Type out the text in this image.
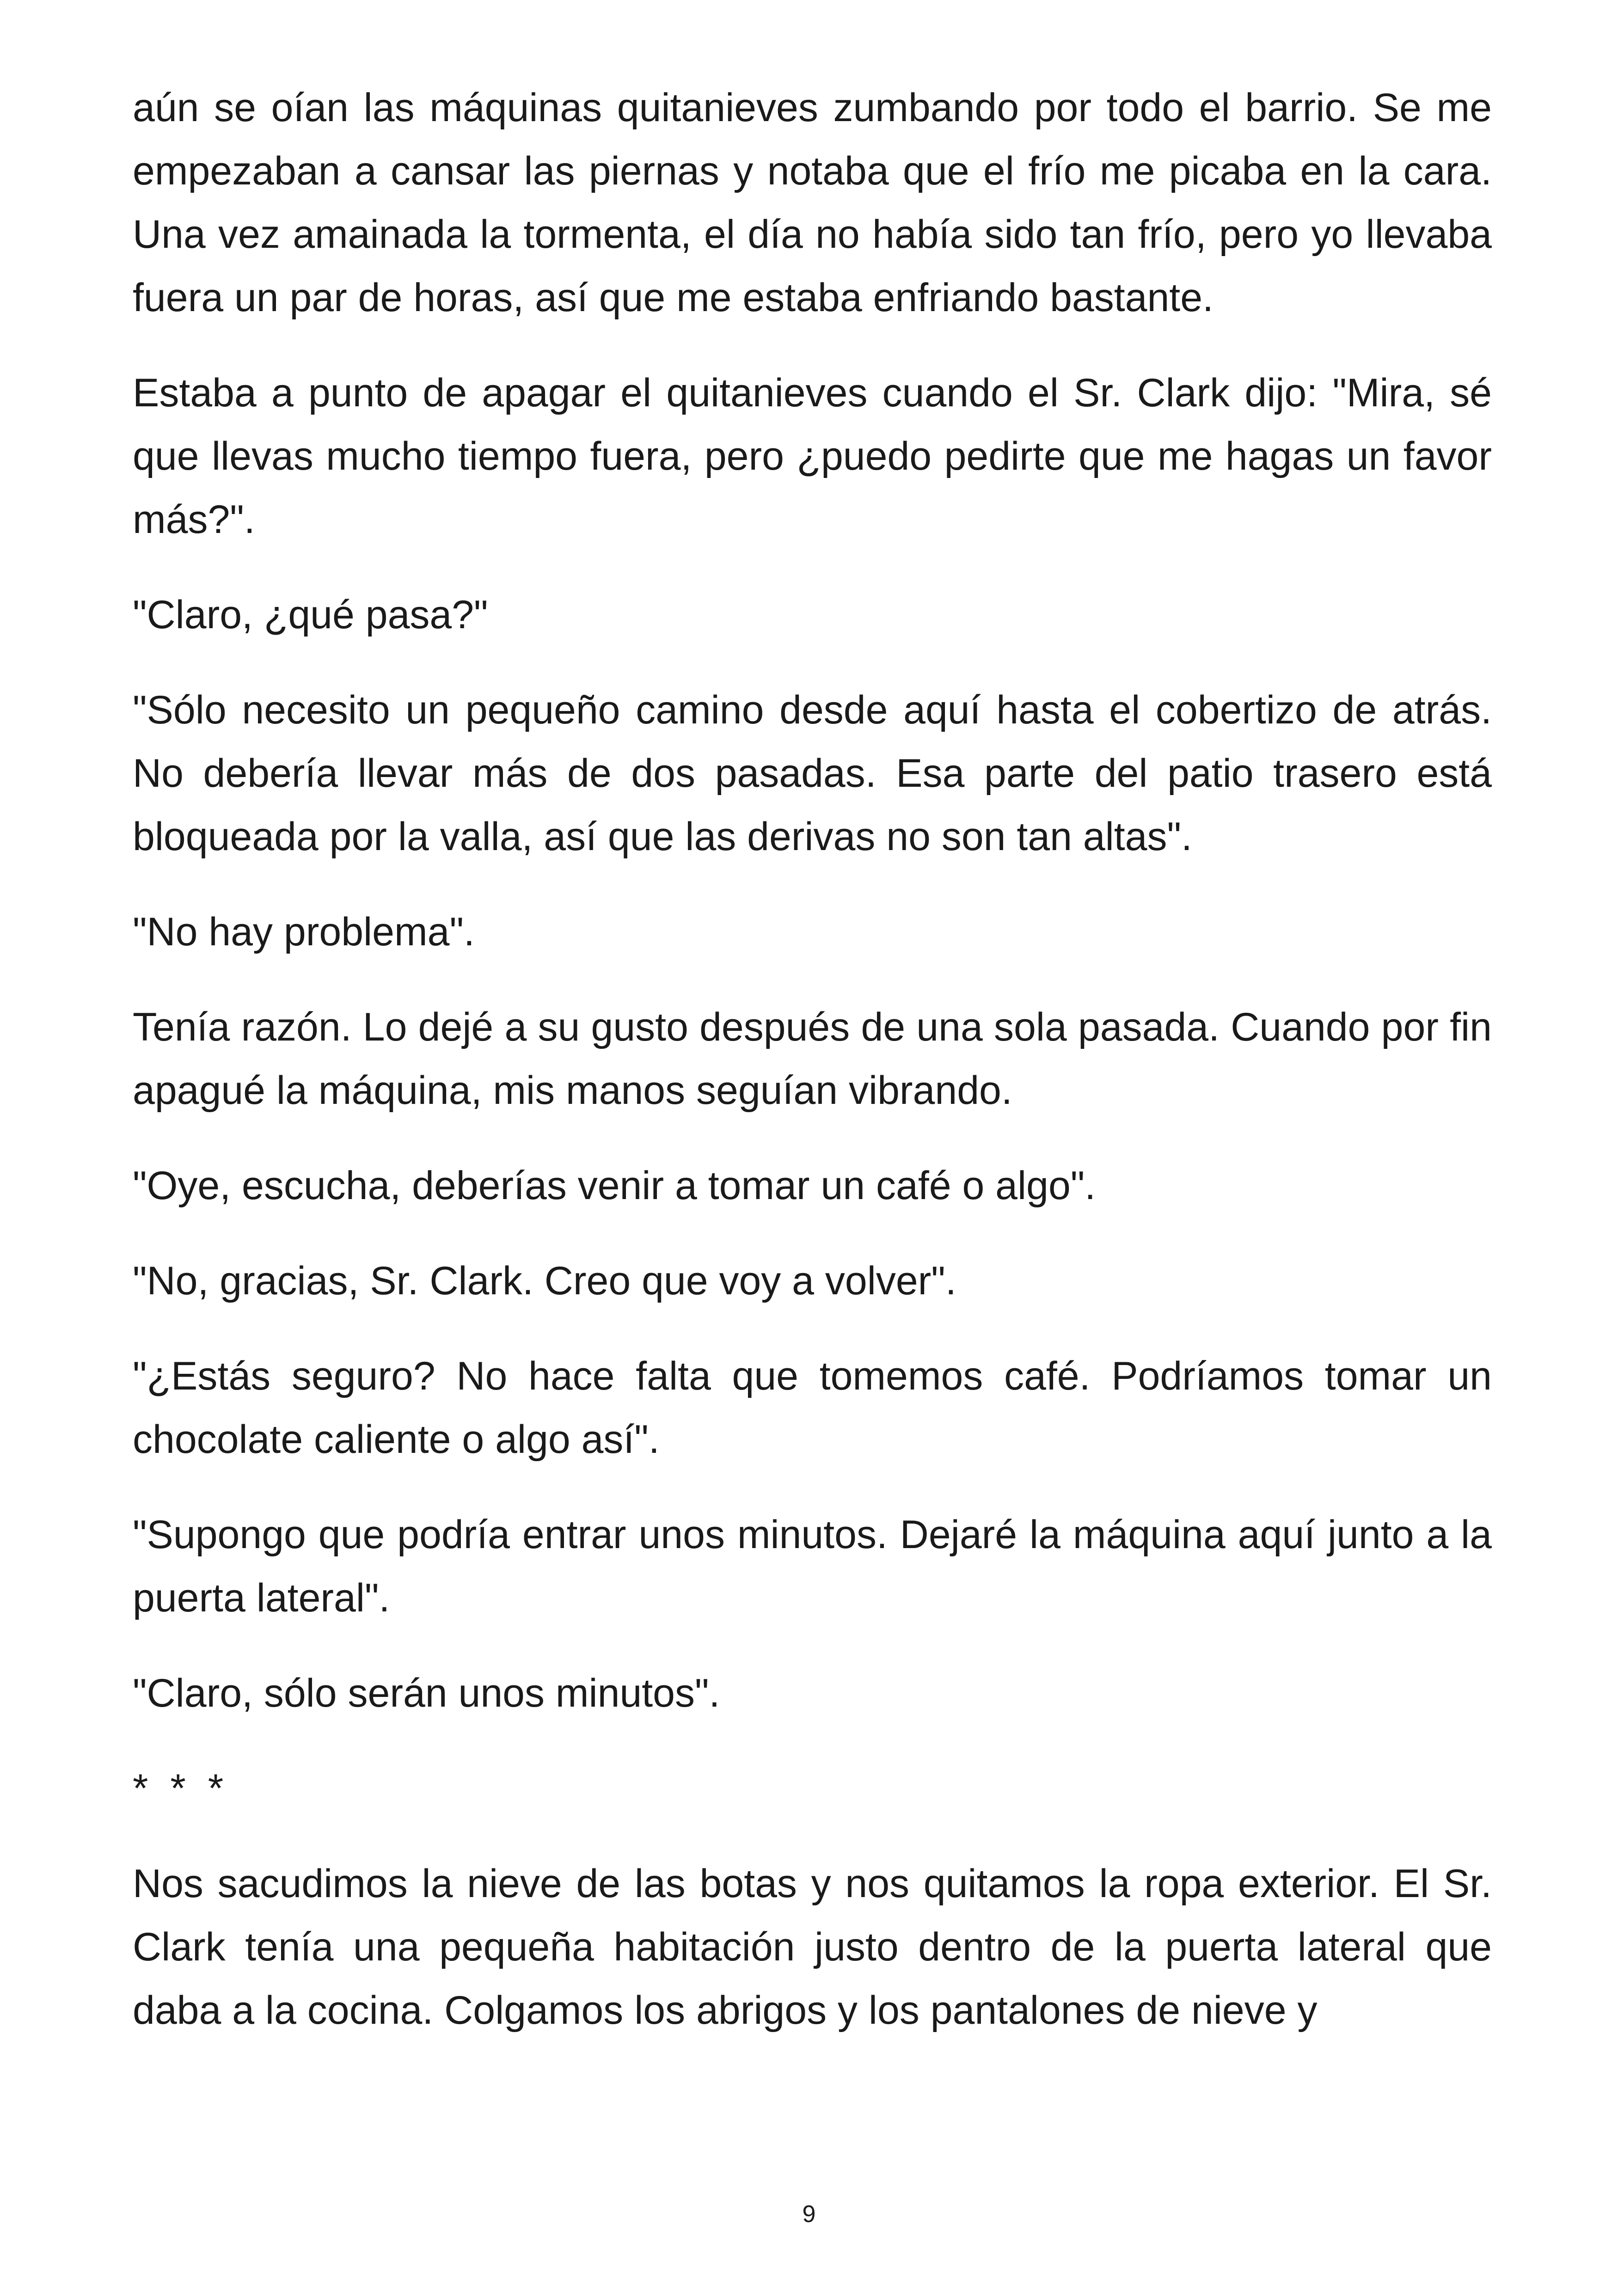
aún se oían las máquinas quitanieves zumbando por todo el barrio. Se me empezaban a cansar las piernas y notaba que el frío me picaba en la cara. Una vez amainada la tormenta, el día no había sido tan frío, pero yo llevaba fuera un par de horas, así que me estaba enfriando bastante.

Estaba a punto de apagar el quitanieves cuando el Sr. Clark dijo: "Mira, sé que llevas mucho tiempo fuera, pero ¿puedo pedirte que me hagas un favor más?".

"Claro, ¿qué pasa?"

"Sólo necesito un pequeño camino desde aquí hasta el cobertizo de atrás. No debería llevar más de dos pasadas. Esa parte del patio trasero está bloqueada por la valla, así que las derivas no son tan altas".

"No hay problema".

Tenía razón. Lo dejé a su gusto después de una sola pasada. Cuando por fin apagué la máquina, mis manos seguían vibrando.

"Oye, escucha, deberías venir a tomar un café o algo".

"No, gracias, Sr. Clark. Creo que voy a volver".

"¿Estás seguro? No hace falta que tomemos café. Podríamos tomar un chocolate caliente o algo así".

"Supongo que podría entrar unos minutos. Dejaré la máquina aquí junto a la puerta lateral".

"Claro, sólo serán unos minutos".

* * *

Nos sacudimos la nieve de las botas y nos quitamos la ropa exterior. El Sr. Clark tenía una pequeña habitación justo dentro de la puerta lateral que daba a la cocina. Colgamos los abrigos y los pantalones de nieve y

9
